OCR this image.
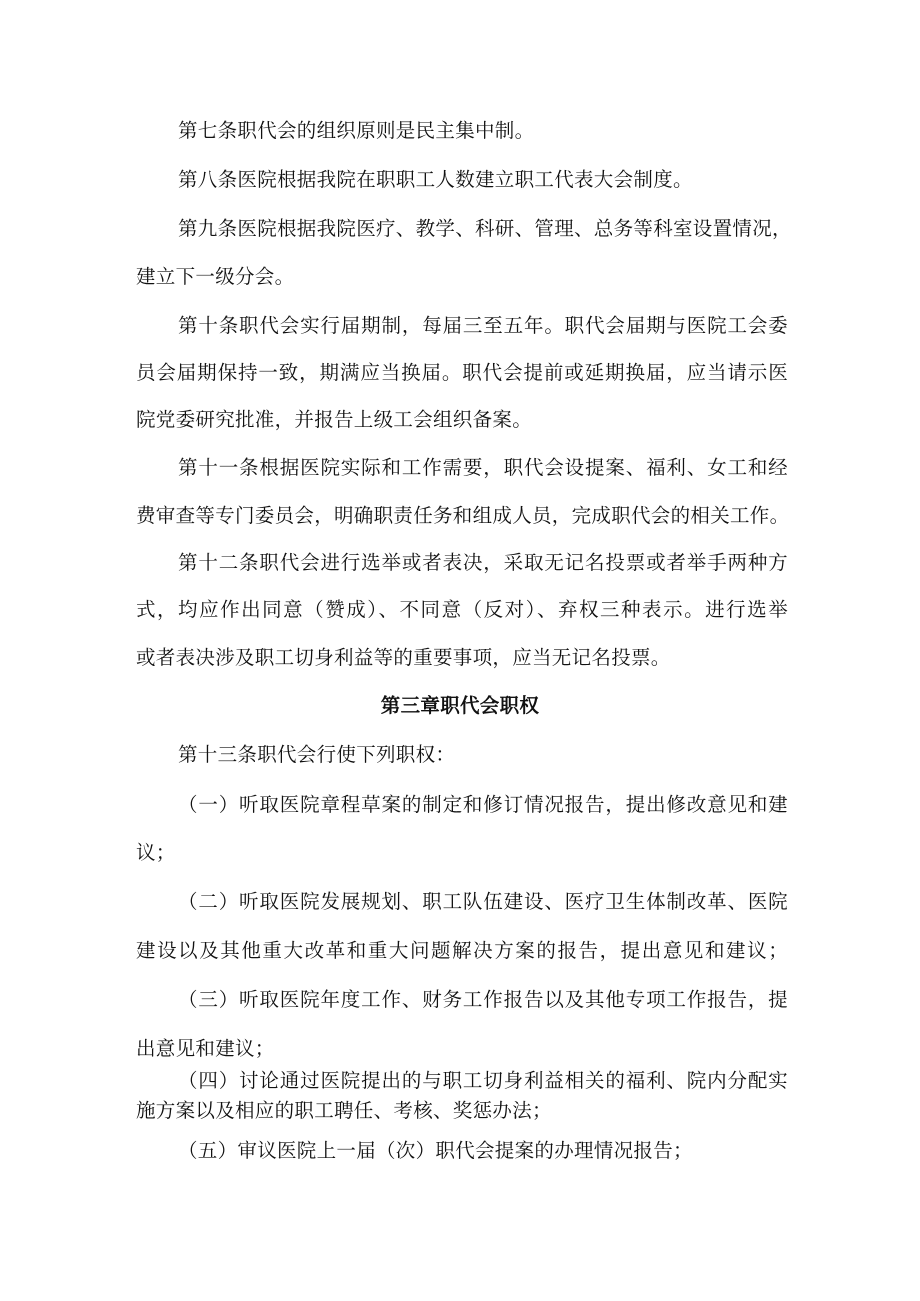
第七条职代会的组织原则是民主集中制。
第八条医院根据我院在职职工人数建立职工代表大会制度。
第九条医院根据我院医疗、教学、科研、管理、总务等科室设置情况，
建立下一级分会。
第十条职代会实行届期制，每届三至五年。职代会届期与医院工会委
员会届期保持一致，期满应当换届。职代会提前或延期换届，应当请示医
院党委研究批准，并报告上级工会组织备案。
第十一条根据医院实际和工作需要，职代会设提案、福利、女工和经
费审查等专门委员会，明确职责任务和组成人员，完成职代会的相关工作。
第十二条职代会进行选举或者表决，采取无记名投票或者举手两种方
式，均应作出同意（赞成）、不同意（反对）、弃权三种表示。进行选举
或者表决涉及职工切身利益等的重要事项，应当无记名投票。
第三章职代会职权
第十三条职代会行使下列职权：
（一）听取医院章程草案的制定和修订情况报告，提出修改意见和建
议；
（二）听取医院发展规划、职工队伍建设、医疗卫生体制改革、医院
建设以及其他重大改革和重大问题解决方案的报告，提出意见和建议；
（三）听取医院年度工作、财务工作报告以及其他专项工作报告，提
出意见和建议；
（四）讨论通过医院提出的与职工切身利益相关的福利、院内分配实
施方案以及相应的职工聘任、考核、奖惩办法；
（五）审议医院上一届（次）职代会提案的办理情况报告；
